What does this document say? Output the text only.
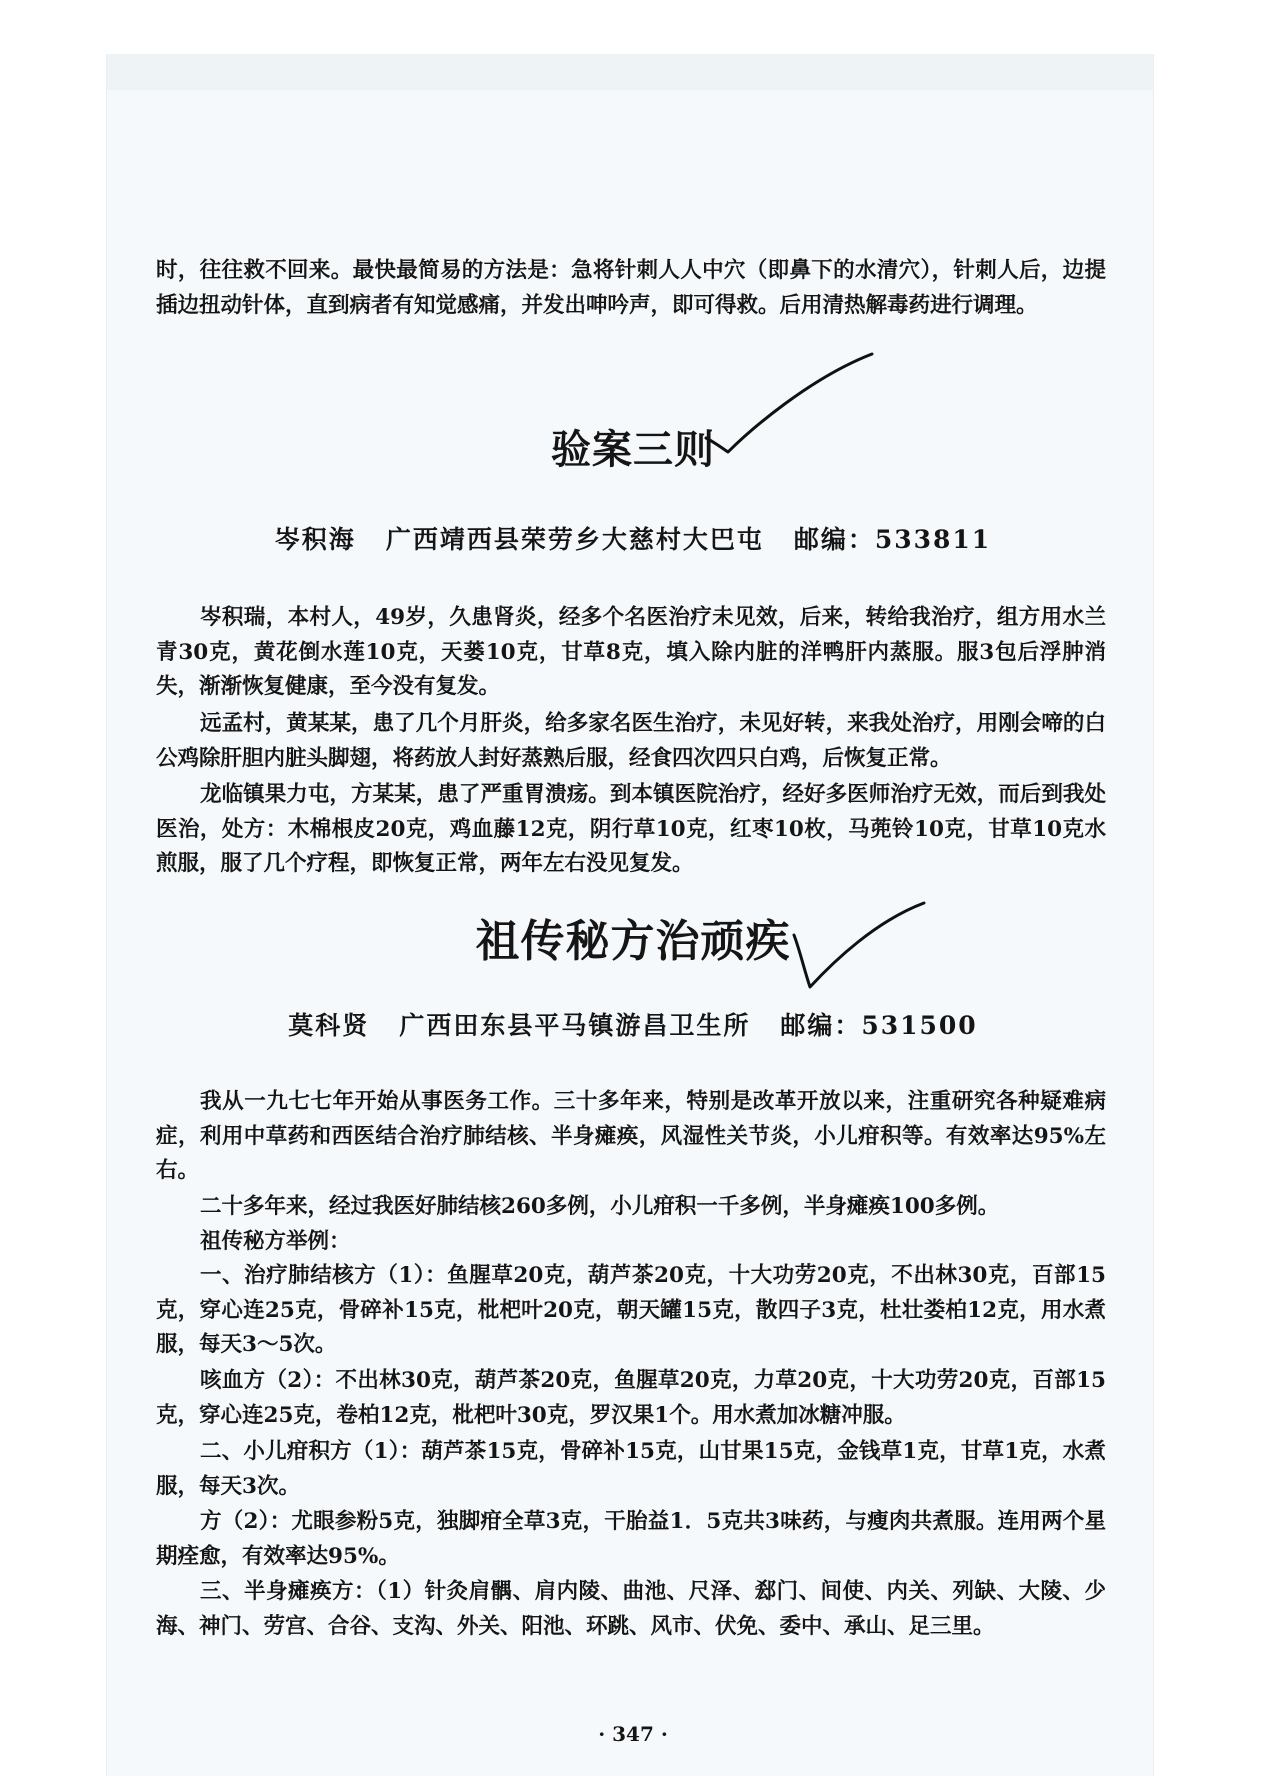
时，往往救不回来。最快最简易的方法是：急将针刺人人中穴（即鼻下的水清穴），针刺人后，边提插边扭动针体，直到病者有知觉感痛，并发出呻吟声，即可得救。后用清热解毒药进行调理。

验案三则

岑积海 广西靖西县荣劳乡大慈村大巴屯 邮编：533811

岑积瑞，本村人，49岁，久患肾炎，经多个名医治疗未见效，后来，转给我治疗，组方用水兰青30克，黄花倒水莲10克，天蒌10克，甘草8克，填入除内脏的洋鸭肝内蒸服。服3包后浮肿消失，渐渐恢复健康，至今没有复发。

远孟村，黄某某，患了几个月肝炎，给多家名医生治疗，未见好转，来我处治疗，用刚会啼的白公鸡除肝胆内脏头脚翅，将药放人封好蒸熟后服，经食四次四只白鸡，后恢复正常。

龙临镇果力屯，方某某，患了严重胃溃疡。到本镇医院治疗，经好多医师治疗无效，而后到我处医治，处方：木棉根皮20克，鸡血藤12克，阴行草10克，红枣10枚，马蔸铃10克，甘草10克水煎服，服了几个疗程，即恢复正常，两年左右没见复发。

祖传秘方治顽疾

莫科贤 广西田东县平马镇游昌卫生所 邮编：531500

我从一九七七年开始从事医务工作。三十多年来，特别是改革开放以来，注重研究各种疑难病症，利用中草药和西医结合治疗肺结核、半身瘫痪，风湿性关节炎，小儿疳积等。有效率达95%左右。

二十多年来，经过我医好肺结核260多例，小儿疳积一千多例，半身瘫痪100多例。

祖传秘方举例：

一、治疗肺结核方（1）：鱼腥草20克，葫芦茶20克，十大功劳20克，不出林30克，百部15克，穿心连25克，骨碎补15克，枇杷叶20克，朝天罐15克，散四子3克，杜壮娄柏12克，用水煮服，每天3～5次。

咳血方（2）：不出林30克，葫芦茶20克，鱼腥草20克，力草20克，十大功劳20克，百部15克，穿心连25克，卷柏12克，枇杷叶30克，罗汉果1个。用水煮加冰糖冲服。

二、小儿疳积方（1）：葫芦茶15克，骨碎补15克，山甘果15克，金钱草1克，甘草1克，水煮服，每天3次。

方（2）：尤眼参粉5克，独脚疳全草3克，干胎益1．5克共3味药，与瘦肉共煮服。连用两个星期痊愈，有效率达95%。

三、半身瘫痪方：（1）针灸肩髃、肩内陵、曲池、尺泽、郄门、间使、内关、列缺、大陵、少海、神门、劳宫、合谷、支沟、外关、阳池、环跳、风市、伏免、委中、承山、足三里。

· 347 ·
